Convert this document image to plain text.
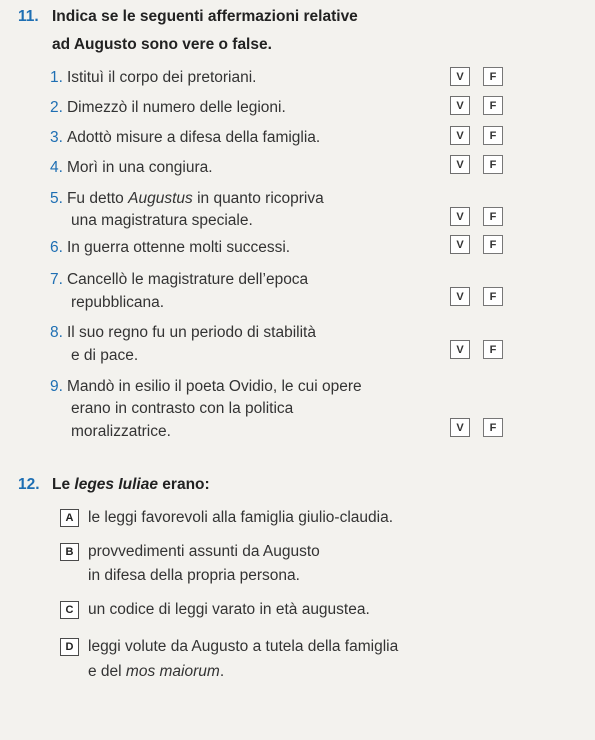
11. Indica se le seguenti affermazioni relative
ad Augusto sono vere o false.
1. Istituì il corpo dei pretoriani.	V	F
2. Dimezzò il numero delle legioni.	V	F
3. Adottò misure a difesa della famiglia.	V	F
4. Morì in una congiura.	V	F
5. Fu detto Augustus in quanto ricopriva
una magistratura speciale.	V	F
6. In guerra ottenne molti successi.	V	F
7. Cancellò le magistrature dell’epoca
repubblicana.	V	F
8. Il suo regno fu un periodo di stabilità
e di pace.	V	F
9. Mandò in esilio il poeta Ovidio, le cui opere
erano in contrasto con la politica
moralizzatrice.	V	F
12. Le leges Iuliae erano:
A le leggi favorevoli alla famiglia giulio-claudia.
B provvedimenti assunti da Augusto
in difesa della propria persona.
C un codice di leggi varato in età augustea.
D leggi volute da Augusto a tutela della famiglia
e del mos maiorum.
